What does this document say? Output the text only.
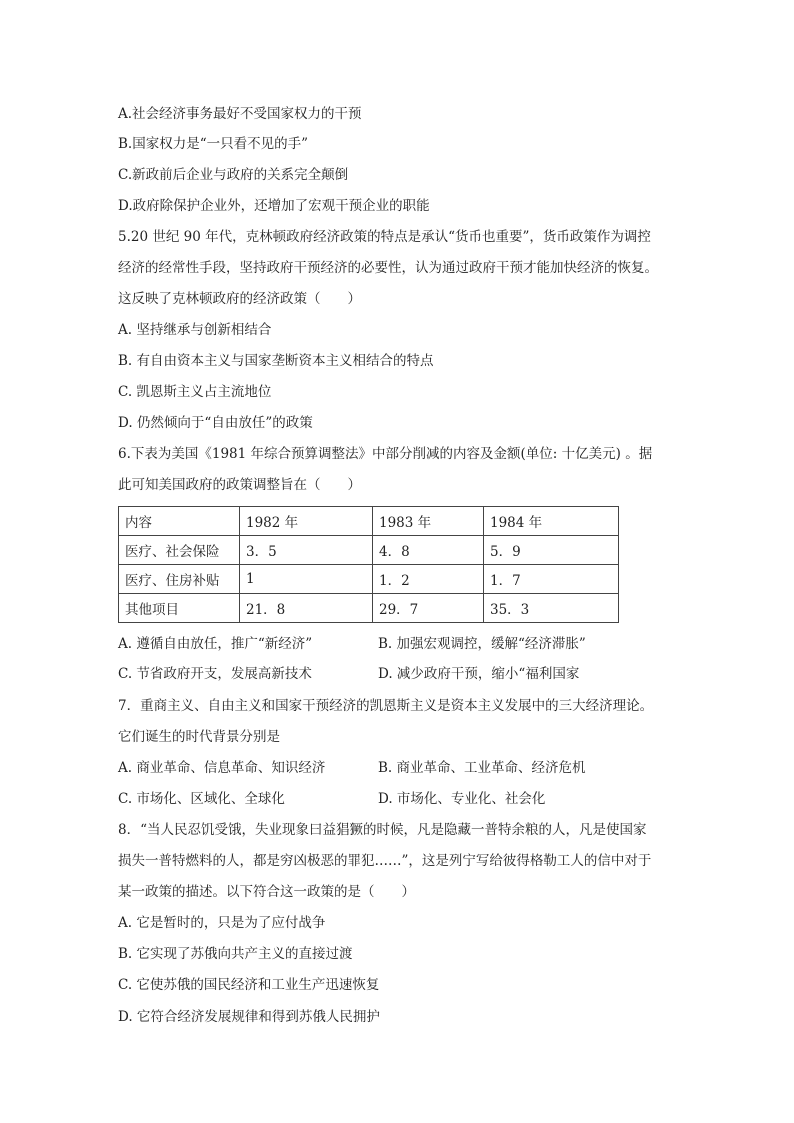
A.社会经济事务最好不受国家权力的干预
B.国家权力是“一只看不见的手”
C.新政前后企业与政府的关系完全颠倒
D.政府除保护企业外，还增加了宏观干预企业的职能
5.20 世纪 90 年代，克林顿政府经济政策的特点是承认“货币也重要”，货币政策作为调控
经济的经常性手段，坚持政府干预经济的必要性，认为通过政府干预才能加快经济的恢复。
这反映了克林顿政府的经济政策（　　）
A. 坚持继承与创新相结合
B. 有自由资本主义与国家垄断资本主义相结合的特点
C. 凯恩斯主义占主流地位
D. 仍然倾向于“自由放任”的政策
6.下表为美国《1981 年综合预算调整法》中部分削减的内容及金额(单位: 十亿美元) 。据
此可知美国政府的政策调整旨在（　　）
内容	1982 年	1983 年	1984 年
医疗、社会保险	3．5	4．8	5．9
医疗、住房补贴	1	1．2	1．7
其他项目	21．8	29．7	35．3
A. 遵循自由放任，推广“新经济”	B. 加强宏观调控，缓解“经济滞胀”
C. 节省政府开支，发展高新技术	D. 减少政府干预，缩小“福利国家
7．重商主义、自由主义和国家干预经济的凯恩斯主义是资本主义发展中的三大经济理论。
它们诞生的时代背景分别是
A. 商业革命、信息革命、知识经济	B. 商业革命、工业革命、经济危机
C. 市场化、区域化、全球化	D. 市场化、专业化、社会化
8．“当人民忍饥受饿，失业现象曰益猖獗的时候，凡是隐藏一普特余粮的人，凡是使国家
损失一普特燃料的人，都是穷凶极恶的罪犯……”，这是列宁写给彼得格勒工人的信中对于
某一政策的描述。以下符合这一政策的是（　　）
A. 它是暂时的，只是为了应付战争
B. 它实现了苏俄向共产主义的直接过渡
C. 它使苏俄的国民经济和工业生产迅速恢复
D. 它符合经济发展规律和得到苏俄人民拥护
